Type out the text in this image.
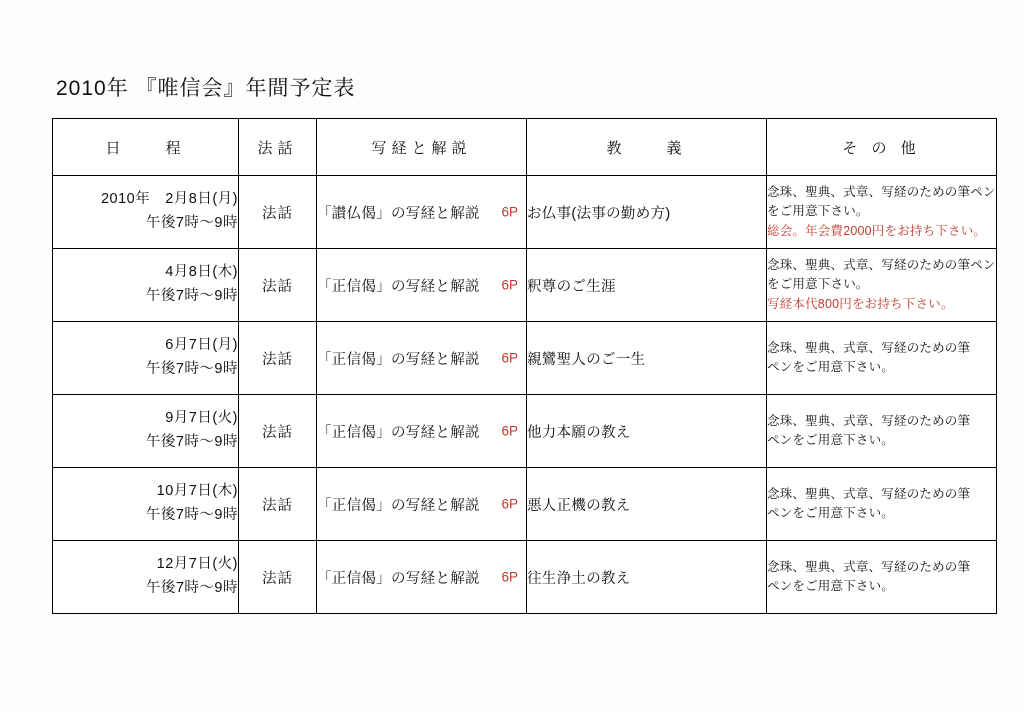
2010年 『唯信会』年間予定表
日　　程	法話	写経と解説	教　　義	そ の 他

2010年　2月8日(月)
午後7時〜9時	法話	「讃仏偈」の写経と解説 6P	お仏事(法事の勤め方)	念珠、聖典、式章、写経のための筆ペン
をご用意下さい。
総会。年会費2000円をお持ち下さい。

4月8日(木)
午後7時〜9時	法話	「正信偈」の写経と解説 6P	釈尊のご生涯	念珠、聖典、式章、写経のための筆ペン
をご用意下さい。
写経本代800円をお持ち下さい。

6月7日(月)
午後7時〜9時	法話	「正信偈」の写経と解説 6P	親鸞聖人のご一生	念珠、聖典、式章、写経のための筆
ペンをご用意下さい。

9月7日(火)
午後7時〜9時	法話	「正信偈」の写経と解説 6P	他力本願の教え	念珠、聖典、式章、写経のための筆
ペンをご用意下さい。

10月7日(木)
午後7時〜9時	法話	「正信偈」の写経と解説 6P	悪人正機の教え	念珠、聖典、式章、写経のための筆
ペンをご用意下さい。

12月7日(火)
午後7時〜9時	法話	「正信偈」の写経と解説 6P	往生浄土の教え	念珠、聖典、式章、写経のための筆
ペンをご用意下さい。
